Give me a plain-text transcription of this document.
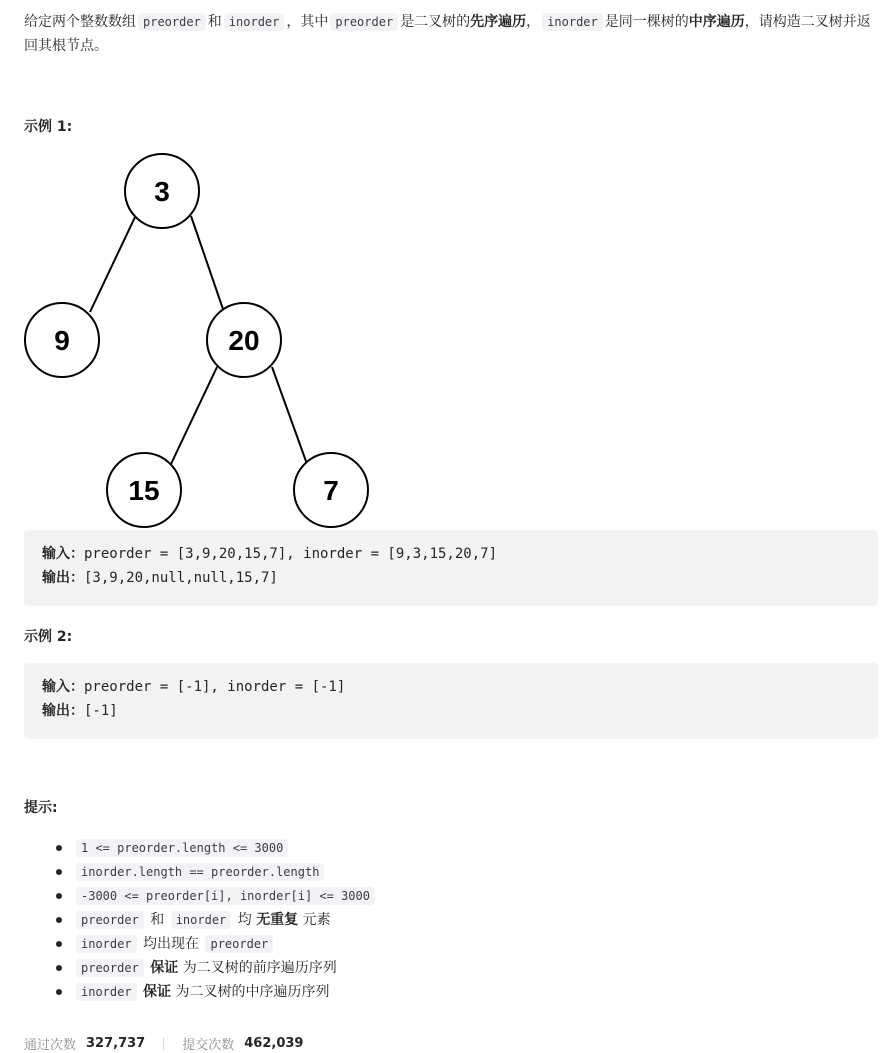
给定两个整数数组 preorder 和 inorder ，其中 preorder 是二叉树的先序遍历， inorder 是同一棵树的中序遍历，请构造二叉树并返回其根节点。
示例 1:
3
9	20
15	7
输入：preorder = [3,9,20,15,7], inorder = [9,3,15,20,7]
输出：[3,9,20,null,null,15,7]
示例 2:
输入：preorder = [-1], inorder = [-1]
输出：[-1]
提示:
1 <= preorder.length <= 3000
inorder.length == preorder.length
-3000 <= preorder[i], inorder[i] <= 3000
preorder 和 inorder 均 无重复 元素
inorder 均出现在 preorder
preorder 保证 为二叉树的前序遍历序列
inorder 保证 为二叉树的中序遍历序列
通过次数 327,737	提交次数 462,039
